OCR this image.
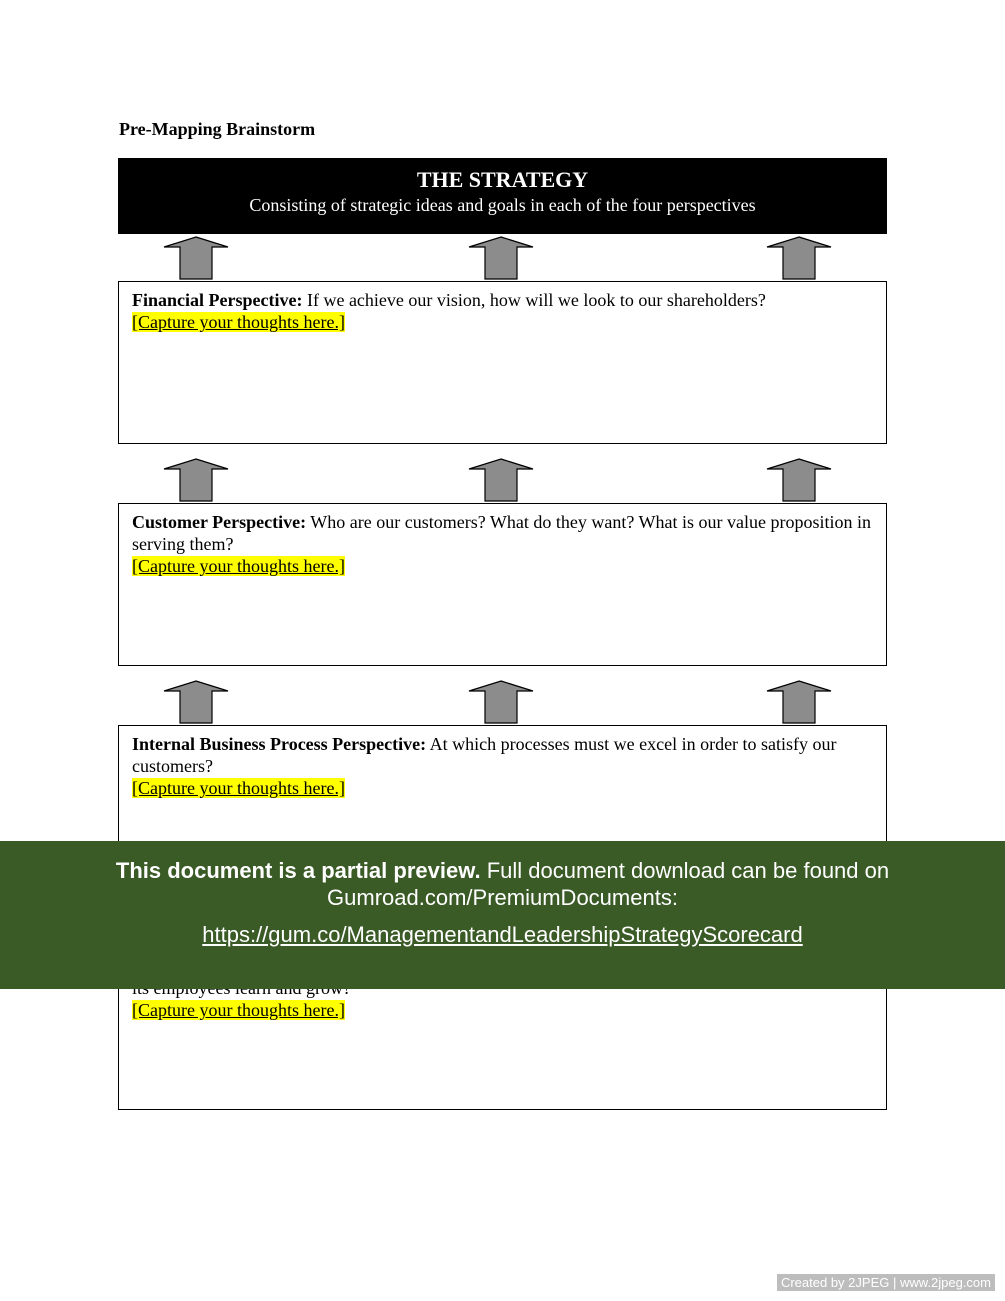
Pre-Mapping Brainstorm
THE STRATEGY
Consisting of strategic ideas and goals in each of the four perspectives
Financial Perspective: If we achieve our vision, how will we look to our shareholders?
[Capture your thoughts here.]
Customer Perspective: Who are our customers? What do they want? What is our value proposition in serving them?
[Capture your thoughts here.]
Internal Business Process Perspective: At which processes must we excel in order to satisfy our customers?
[Capture your thoughts here.]
[Capture your thoughts here.]
This document is a partial preview. Full document download can be found on Gumroad.com/PremiumDocuments:
https://gum.co/ManagementandLeadershipStrategyScorecard
Created by 2JPEG | www.2jpeg.com
